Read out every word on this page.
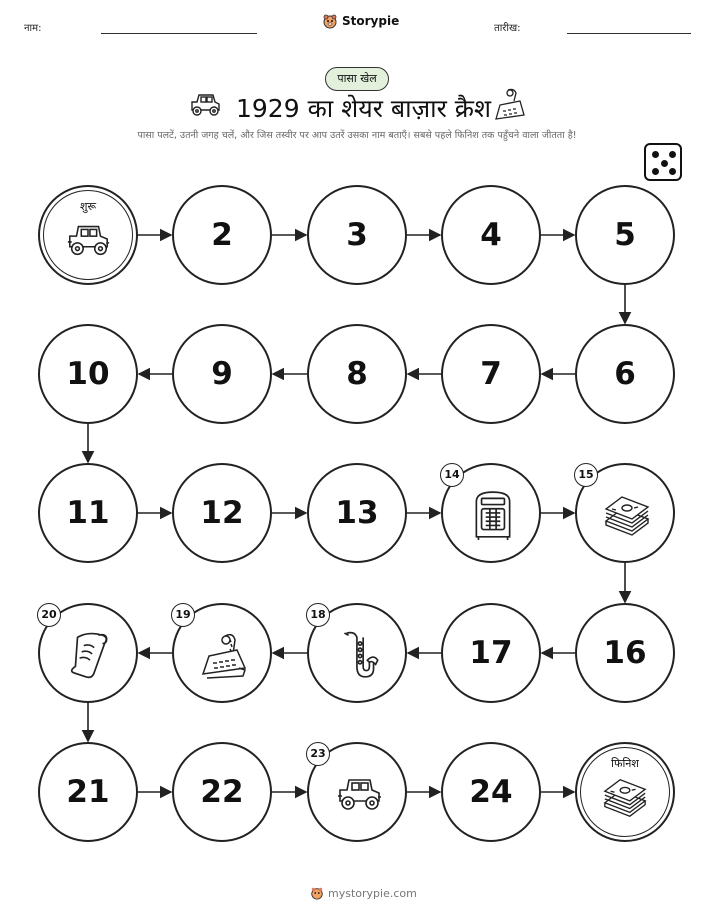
नाम:
Storypie
तारीख:
पासा खेल
1929 का शेयर बाज़ार क्रैश
पासा पलटें, उतनी जगह चलें, और जिस तस्वीर पर आप उतरें उसका नाम बताएँ। सबसे पहले फिनिश तक पहुँचने वाला जीतता है!
शुरू
2	3	4	5
6
7
8
9
10
11	12	13
14	15
16
17
18
19
20
21	22
23
24
फिनिश
mystorypie.com
